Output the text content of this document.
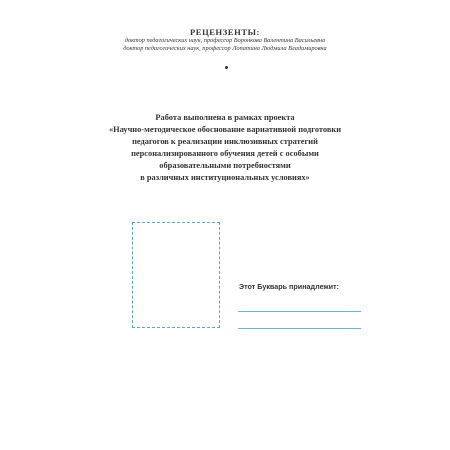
РЕЦЕНЗЕНТЫ:
доктор педагогических наук, профессор Воронкова Валентина Васильевна
доктор педагогических наук, профессор Лопатина Людмила Владимировна
Работа выполнена в рамках проекта
«Научно-методическое обоснование вариативной подготовки
педагогов к реализации инклюзивных стратегий
персонализированного обучения детей с особыми
образовательными потребностями
в различных институциональных условиях»
Этот Букварь принадлежит:
